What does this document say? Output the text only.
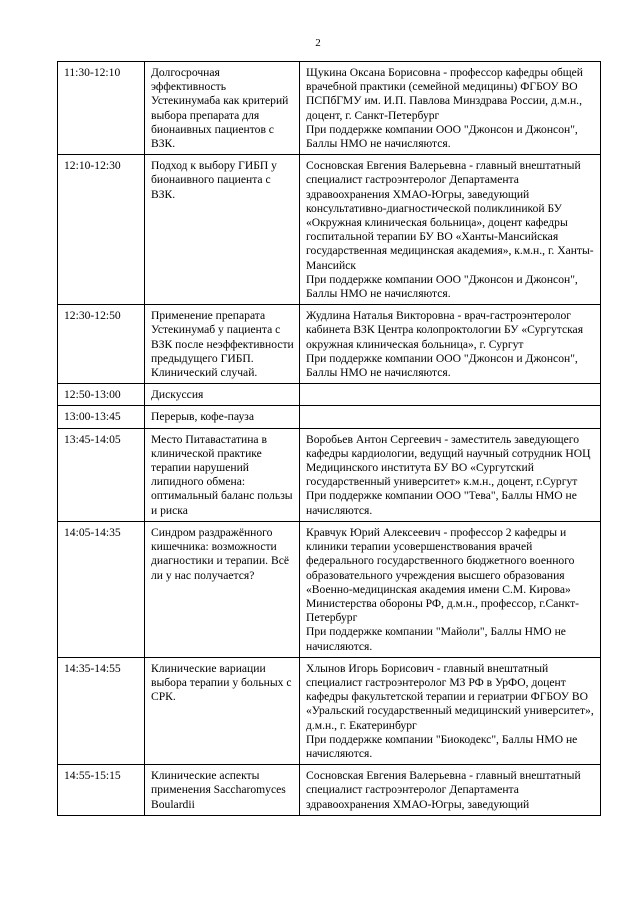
2
11:30-12:10	Долгосрочная эффективность Устекинумаба как критерий выбора препарата для бионаивных пациентов с ВЗК.	Щукина Оксана Борисовна - профессор кафедры общей врачебной практики (семейной медицины) ФГБОУ ВО ПСПбГМУ им. И.П. Павлова Минздрава России, д.м.н., доцент, г. Санкт-Петербург
При поддержке компании ООО "Джонсон и Джонсон", Баллы НМО не начисляются.

12:10-12:30	Подход к выбору ГИБП у бионаивного пациента с ВЗК.	Сосновская Евгения Валерьевна - главный внештатный специалист гастроэнтеролог Департамента здравоохранения ХМАО-Югры, заведующий консультативно-диагностической поликлиникой БУ «Окружная клиническая больница», доцент кафедры госпитальной терапии БУ ВО «Ханты-Мансийская государственная медицинская академия», к.м.н., г. Ханты-Мансийск
При поддержке компании ООО "Джонсон и Джонсон", Баллы НМО не начисляются.

12:30-12:50	Применение препарата Устекинумаб у пациента с ВЗК после неэффективности предыдущего ГИБП. Клинический случай.	Жудлина Наталья Викторовна - врач-гастроэнтеролог кабинета ВЗК Центра колопроктологии БУ «Сургутская окружная клиническая больница», г. Сургут
При поддержке компании ООО "Джонсон и Джонсон", Баллы НМО не начисляются.

12:50-13:00	Дискуссия	
13:00-13:45	Перерыв, кофе-пауза	
13:45-14:05	Место Питавастатина в клинической практике терапии нарушений липидного обмена: оптимальный баланс пользы и риска	Воробьев Антон Сергеевич - заместитель заведующего кафедры кардиологии, ведущий научный сотрудник НОЦ Медицинского института БУ ВО «Сургутский государственный университет» к.м.н., доцент, г.Сургут
При поддержке компании ООО "Тева", Баллы НМО не начисляются.

14:05-14:35	Синдром раздражённого кишечника: возможности диагностики и терапии. Всё ли у нас получается?	Кравчук Юрий Алексеевич - профессор 2 кафедры и клиники терапии усовершенствования врачей федерального государственного бюджетного военного образовательного учреждения высшего образования «Военно-медицинская академия имени С.М. Кирова» Министерства обороны РФ, д.м.н., профессор, г.Санкт-Петербург
При поддержке компании "Майоли", Баллы НМО не начисляются.

14:35-14:55	Клинические вариации выбора терапии у больных с СРК.	Хлынов Игорь Борисович - главный внештатный специалист гастроэнтеролог МЗ РФ в УрФО, доцент кафедры факультетской терапии и гериатрии ФГБОУ ВО «Уральский государственный медицинский университет», д.м.н., г. Екатеринбург
При поддержке компании "Биокодекс", Баллы НМО не начисляются.

14:55-15:15	Клинические аспекты применения Saccharomyces Boulardii	Сосновская Евгения Валерьевна - главный внештатный специалист гастроэнтеролог Департамента здравоохранения ХМАО-Югры, заведующий
